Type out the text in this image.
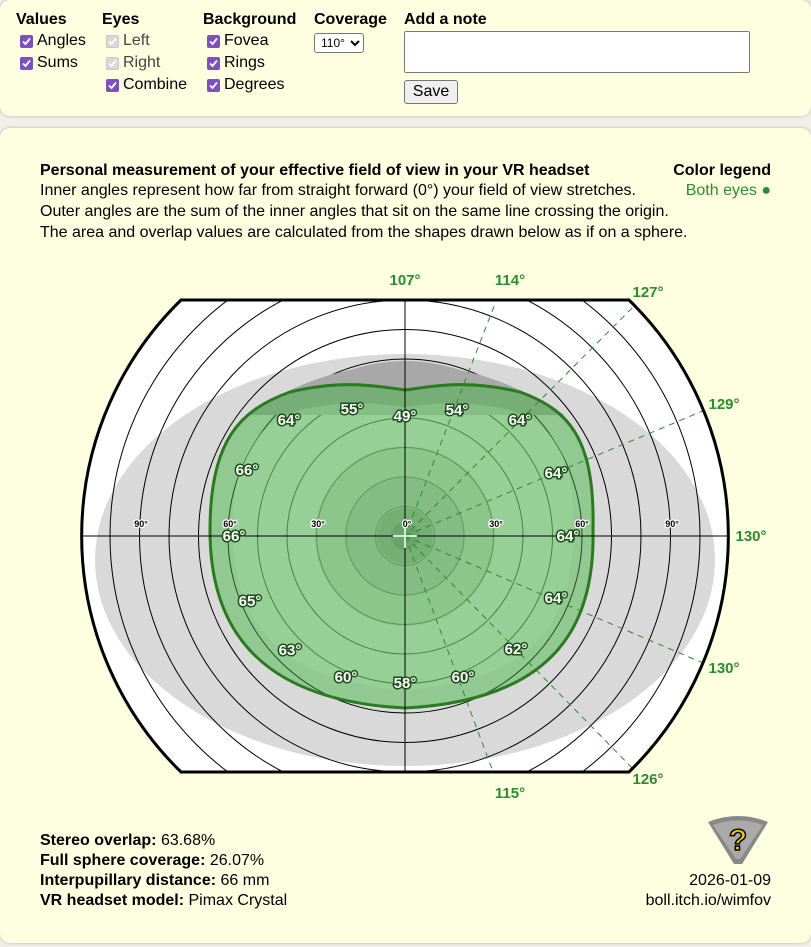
Values
Angles
Sums
Eyes
Left
Right
Combine
Background
Fovea
Rings
Degrees
Coverage
110° Add a note
Save
Personal measurement of your effective field of view in your VR headset
Inner angles represent how far from straight forward (0°) your field of view stretches.
Outer angles are the sum of the inner angles that sit on the same line crossing the origin.
The area and overlap values are calculated from the shapes drawn below as if on a sphere.
Color legend
Both eyes ●
Stereo overlap: 63.68%
Full sphere coverage: 26.07%
Interpupillary distance: 66 mm
VR headset model: Pimax Crystal
2026-01-09
boll.itch.io/wimfov
?
0°
30°	30°
60°	60°
90°	90°
49° 54°
64°
64°
64°
64°
62°
60°
58°
60°
63°
65°
66°
66°
64°
55°
107°	114°
127°
129°
130°
130°
126°
115°
